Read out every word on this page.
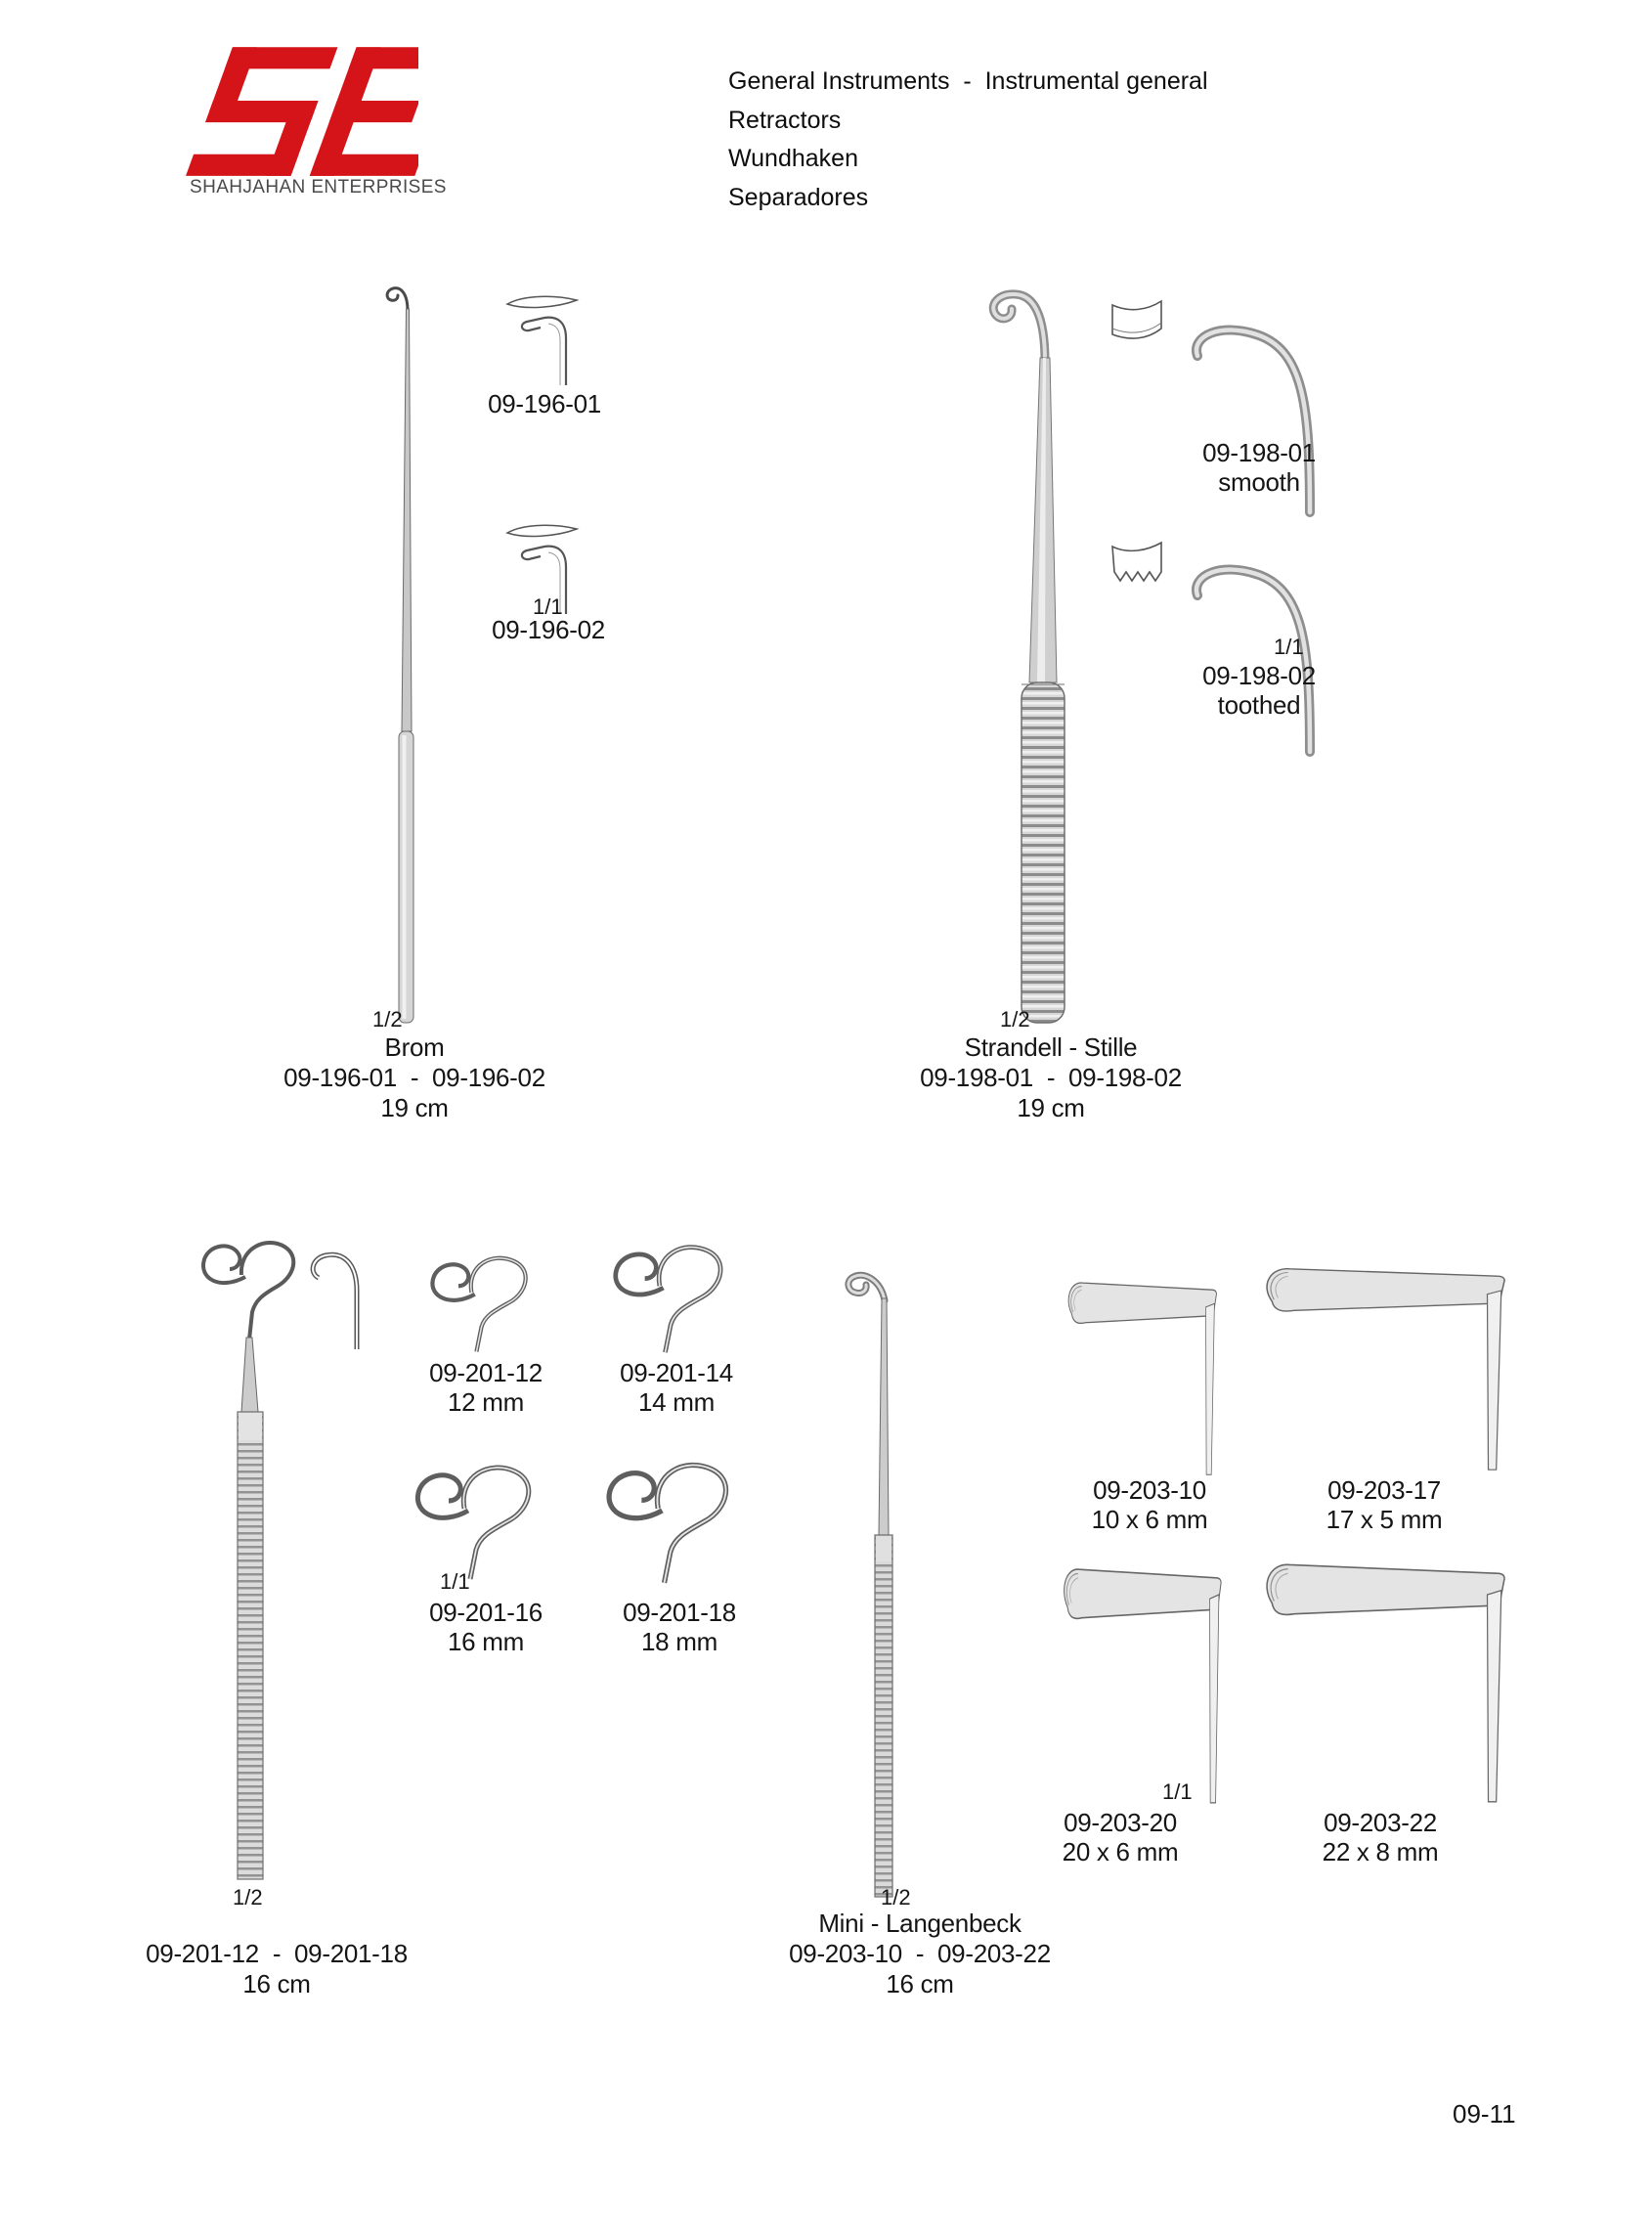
SHAHJAHAN ENTERPRISES
General Instruments  -  Instrumental general
Retractors
Wundhaken
Separadores
09-196-01
1/1
09-196-02
1/2
Brom
09-196-01  -  09-196-02
19 cm
09-198-01
smooth
1/1
09-198-02
toothed
1/2
Strandell - Stille
09-198-01  -  09-198-02
19 cm
09-201-12
12 mm
09-201-14
14 mm
1/1
09-201-16
16 mm
09-201-18
18 mm
1/2
09-201-12  -  09-201-18
16 cm
09-203-10
10 x 6 mm
09-203-17
17 x 5 mm
1/1
09-203-20
20 x 6 mm
09-203-22
22 x 8 mm
1/2
Mini - Langenbeck
09-203-10  -  09-203-22
16 cm
09-11
